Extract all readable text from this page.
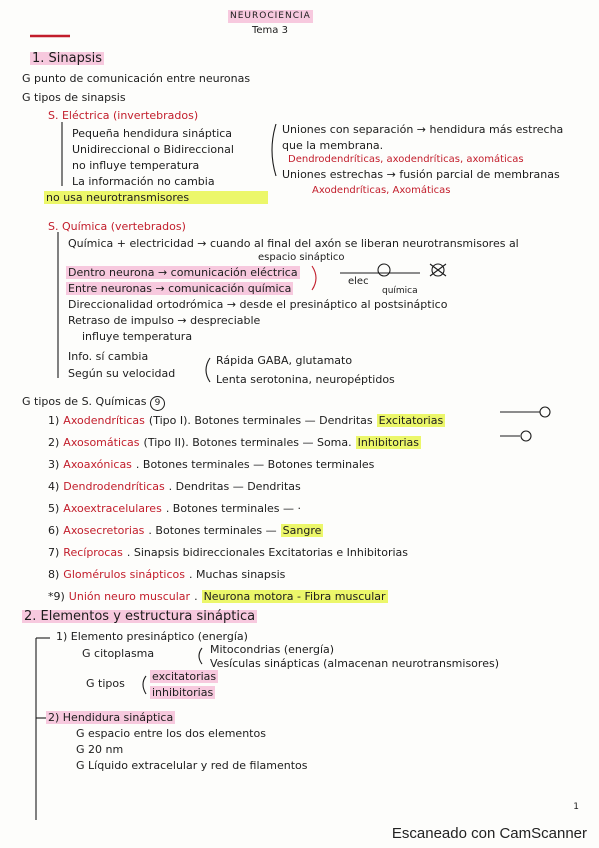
NEUROCIENCIA
Tema 3
1. Sinapsis
G punto de comunicación entre neuronas
G tipos de sinapsis
S. Eléctrica (invertebrados)
Pequeña hendidura sináptica
Unidireccional o Bidireccional
no influye temperatura
La información no cambia
no usa neurotransmisores
Uniones con separación → hendidura más estrecha
que la membrana.
Dendrodendríticas, axodendríticas, axomáticas
Uniones estrechas → fusión parcial de membranas
Axodendríticas, Axomáticas
S. Química (vertebrados)
Química + electricidad → cuando al final del axón se liberan neurotransmisores al
espacio sináptico
Dentro neurona → comunicación eléctrica
Entre neuronas → comunicación química
Direccionalidad ortodrómica → desde el presináptico al postsináptico
Retraso de impulso → despreciable
influye temperatura
Info. sí cambia
Según su velocidad
Rápida GABA, glutamato
Lenta serotonina, neuropéptidos
elec
química
G tipos de S. Químicas 9
1) Axodendríticas (Tipo I). Botones terminales — Dendritas Excitatorias
2) Axosomáticas (Tipo II). Botones terminales — Soma. Inhibitorias
3) Axoaxónicas . Botones terminales — Botones terminales
4) Dendrodendríticas . Dendritas — Dendritas
5) Axoextracelulares . Botones terminales — ·
6) Axosecretorias . Botones terminales — Sangre
7) Recíprocas . Sinapsis bidireccionales Excitatorias e Inhibitorias
8) Glomérulos sinápticos . Muchas sinapsis
*9) Unión neuro muscular . Neurona motora - Fibra muscular
2. Elementos y estructura sináptica
1) Elemento presináptico (energía)
G citoplasma	Mitocondrias (energía)
Vesículas sinápticas (almacenan neurotransmisores)
G tipos
excitatorias
inhibitorias
2) Hendidura sináptica
G espacio entre los dos elementos
G 20 nm
G Líquido extracelular y red de filamentos
1
Escaneado con CamScanner
